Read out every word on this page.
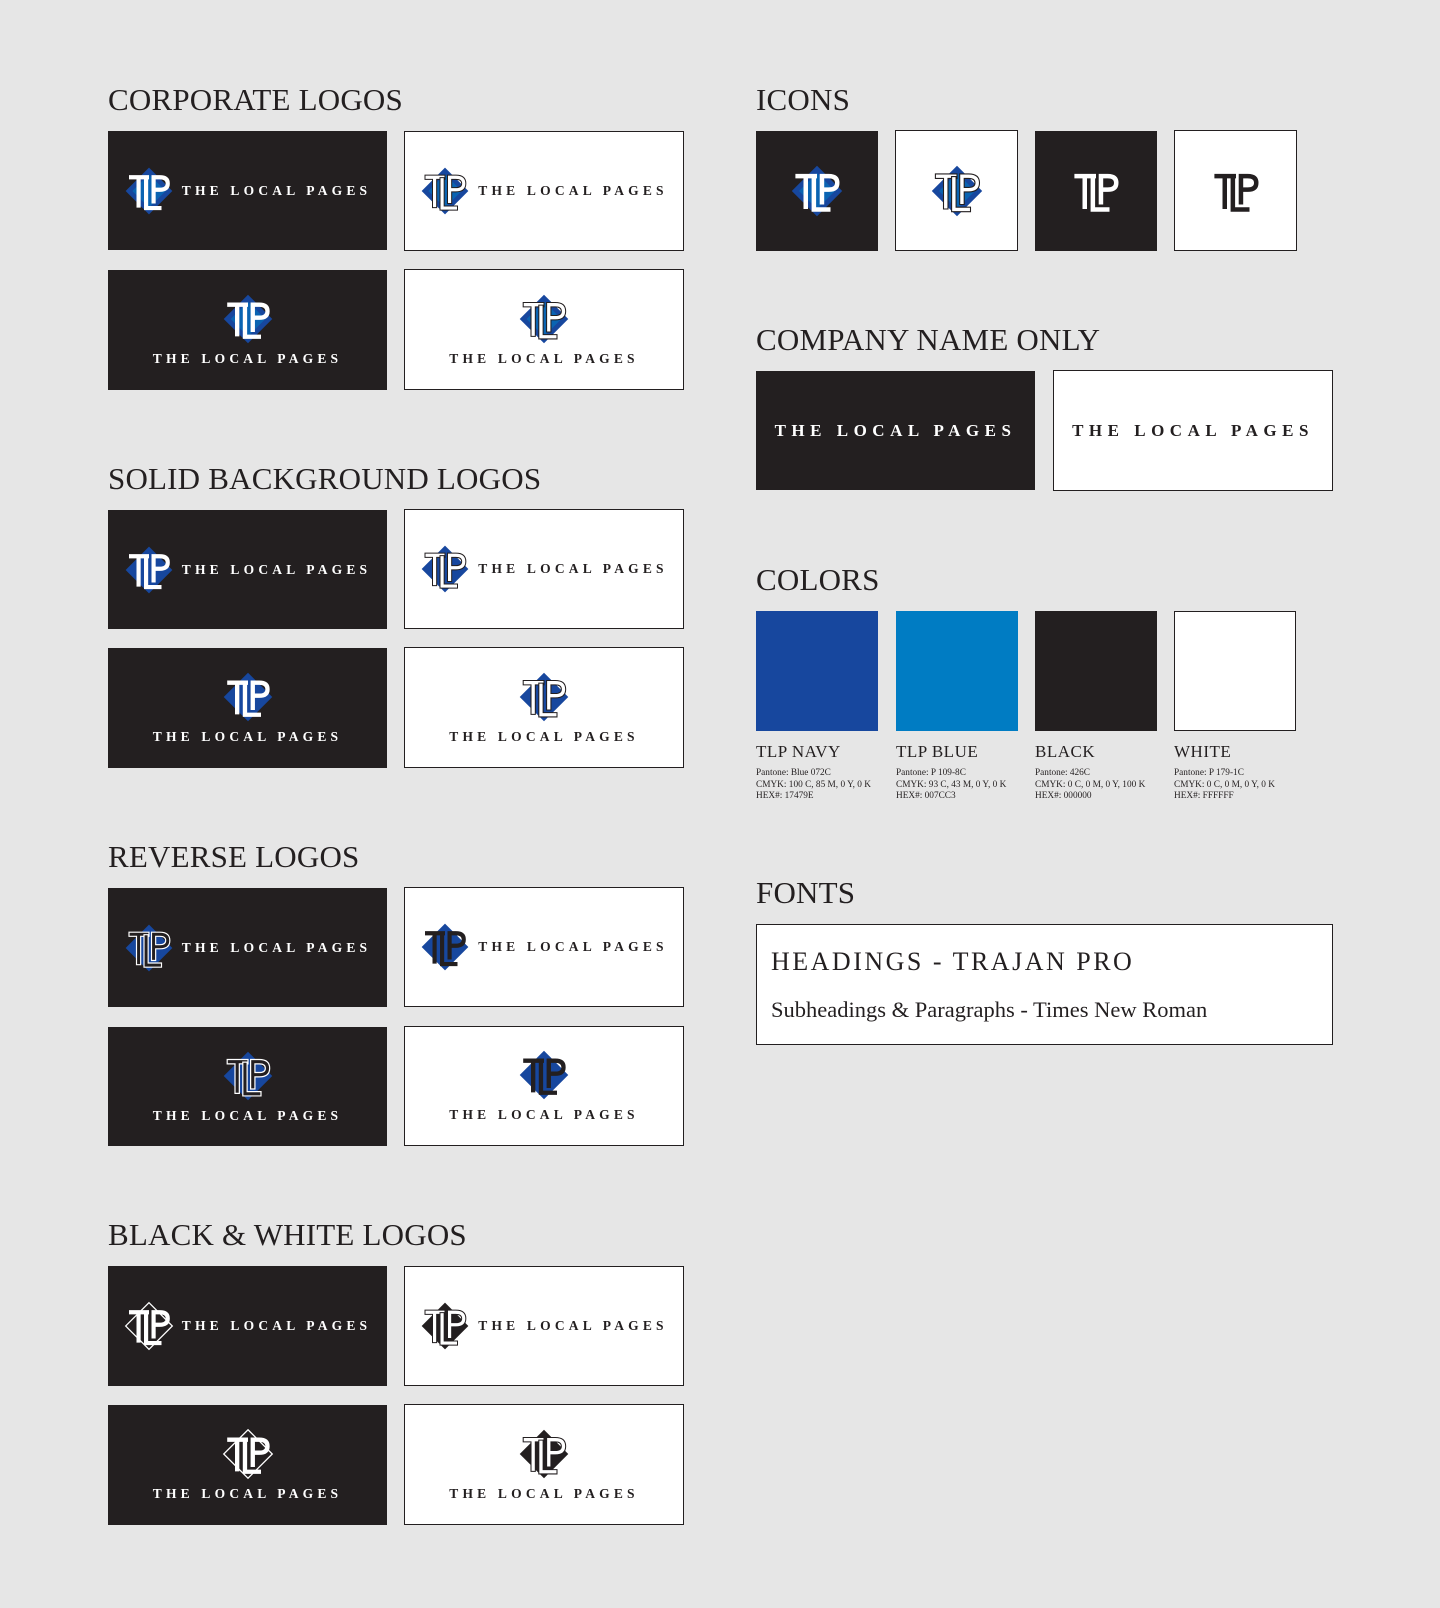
CORPORATE LOGOS
SOLID BACKGROUND LOGOS
REVERSE LOGOS
BLACK & WHITE LOGOS
THE LOCAL PAGES	THE LOCAL PAGES
THE LOCAL PAGES	THE LOCAL PAGES
THE LOCAL PAGES	THE LOCAL PAGES
THE LOCAL PAGES	THE LOCAL PAGES
THE LOCAL PAGES	THE LOCAL PAGES
THE LOCAL PAGES	THE LOCAL PAGES
THE LOCAL PAGES	THE LOCAL PAGES
THE LOCAL PAGES	THE LOCAL PAGES
ICONS
COMPANY NAME ONLY
THE LOCAL PAGES	THE LOCAL PAGES
COLORS
TLP NAVY
Pantone: Blue 072C
CMYK: 100 C, 85 M, 0 Y, 0 K
HEX#: 17479E
TLP BLUE
Pantone: P 109-8C
CMYK: 93 C, 43 M, 0 Y, 0 K
HEX#: 007CC3
BLACK
Pantone: 426C
CMYK: 0 C, 0 M, 0 Y, 100 K
HEX#: 000000
WHITE
Pantone: P 179-1C
CMYK: 0 C, 0 M, 0 Y, 0 K
HEX#: FFFFFF
FONTS
HEADINGS - TRAJAN PRO
Subheadings & Paragraphs - Times New Roman
